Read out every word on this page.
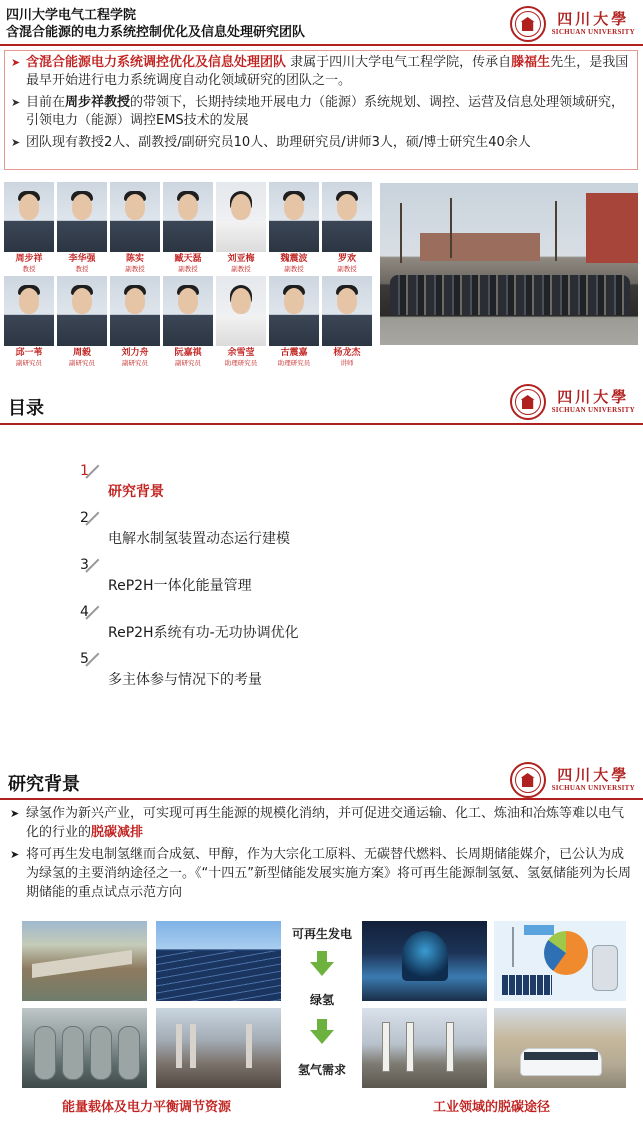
四川大学电气工程学院
含混合能源的电力系统控制优化及信息处理研究团队
四川大學
SICHUAN UNIVERSITY
➤ 含混合能源电力系统调控优化及信息处理团队 隶属于四川大学电气工程学院，传承自滕福生先生，是我国最早开始进行电力系统调度自动化领域研究的团队之一。
➤ 目前在周步祥教授的带领下，长期持续地开展电力（能源）系统规划、调控、运营及信息处理领域研究，引领电力（能源）调控EMS技术的发展
➤ 团队现有教授2人、副教授/副研究员10人、助理研究员/讲师3人，硕/博士研究生40余人
周步祥
教授
李华强
教授
陈实
副教授
臧天磊
副教授
刘亚梅
副教授
魏震波
副教授
罗欢
副教授
邱一苇
副研究员
周毅
副研究员
刘力舟
副研究员
阮嘉祺
副研究员
余雪莹
助理研究员
古震嘉
助理研究员
杨龙杰
讲师
目录
四川大學
SICHUAN UNIVERSITY
1
研究背景
2
电解水制氢装置动态运行建模
3
ReP2H一体化能量管理
4
ReP2H系统有功-无功协调优化
5
多主体参与情况下的考量
研究背景	四川大學
SICHUAN UNIVERSITY
➤ 绿氢作为新兴产业，可实现可再生能源的规模化消纳，并可促进交通运输、化工、炼油和冶炼等难以电气化的行业的脱碳减排
➤ 将可再生发电制氢继而合成氨、甲醇，作为大宗化工原料、无碳替代燃料、长周期储能媒介，已公认为成为绿氢的主要消纳途径之一。《“十四五”新型储能发展实施方案》将可再生能源制氢氨、氢氨储能列为长周期储能的重点试点示范方向
可再生发电
绿氢
氢气需求
能量载体及电力平衡调节资源	工业领域的脱碳途径
